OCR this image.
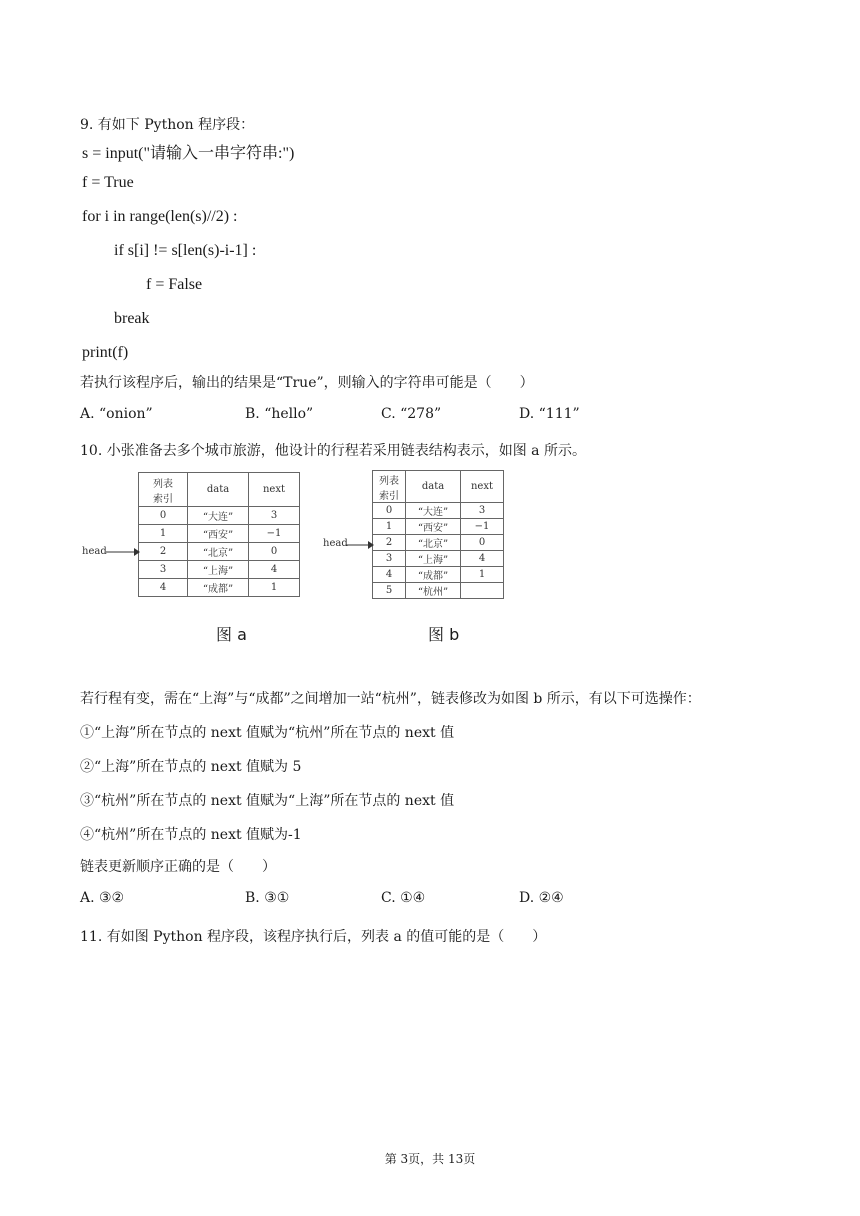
9. 有如下 Python 程序段：
s = input("请输入一串字符串:")
f = True
for i in range(len(s)//2) :
if s[i] != s[len(s)-i-1] :
f = False
break
print(f)
若执行该程序后，输出的结果是“True”，则输入的字符串可能是（　　）
A. “onion”	B. “hello”	C. “278”	D. “111”
10. 小张准备去多个城市旅游，他设计的行程若采用链表结构表示，如图 a 所示。
列表
索引	data	next
0	“大连”	3
1	“西安”	−1
2	“北京”	0
3	“上海”	4
4	“成都”	1
head
列表
索引	data	next
0	“大连”	3
1	“西安”	−1
2	“北京”	0
3	“上海”	4
4	“成都”	1
5	“杭州”	
head
图 a	图 b
若行程有变，需在“上海”与“成都”之间增加一站“杭州”，链表修改为如图 b 所示，有以下可选操作：
①“上海”所在节点的 next 值赋为“杭州”所在节点的 next 值
②“上海”所在节点的 next 值赋为 5
③“杭州”所在节点的 next 值赋为“上海”所在节点的 next 值
④“杭州”所在节点的 next 值赋为-1
链表更新顺序正确的是（　　）
A. ③②	B. ③①	C. ①④	D. ②④
11. 有如图 Python 程序段，该程序执行后，列表 a 的值可能的是（　　）
第 3页，共 13页
